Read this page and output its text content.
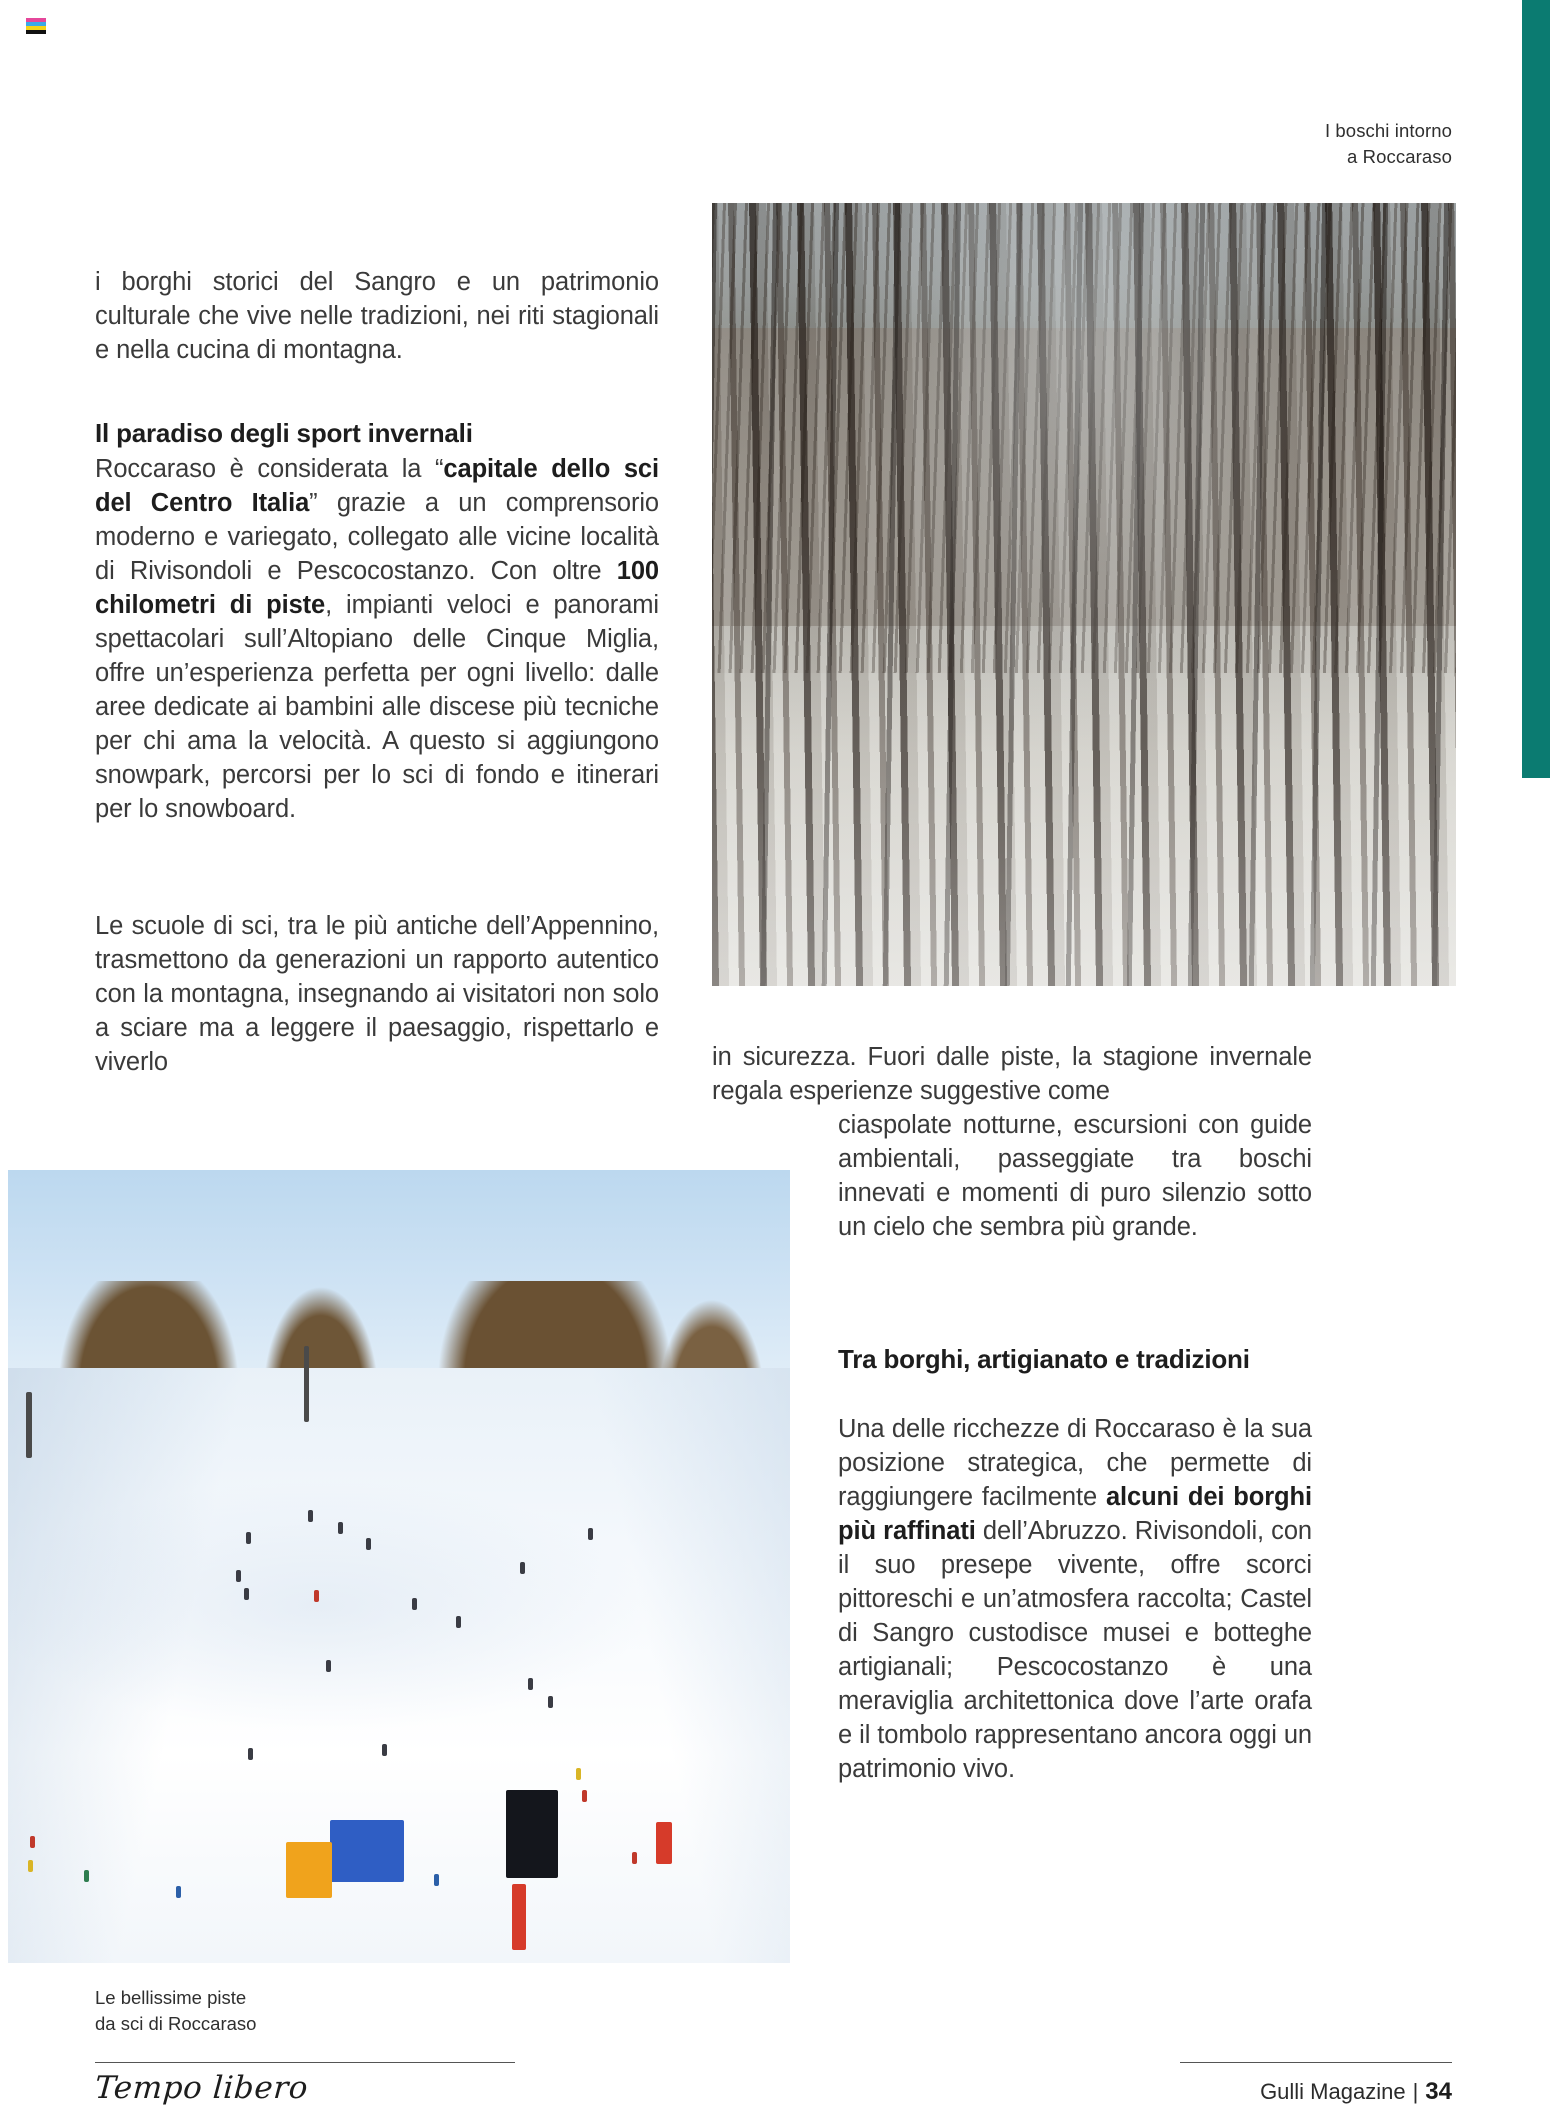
I boschi intorno
a Roccaraso
i borghi storici del Sangro e un patrimonio culturale che vive nelle tradizioni, nei riti stagionali e nella cucina di montagna.
Il paradiso degli sport invernali
Roccaraso è considerata la “capitale dello sci del Centro Italia” grazie a un comprensorio moderno e variegato, collegato alle vicine località di Rivisondoli e Pescocostanzo. Con oltre 100 chilometri di piste, impianti veloci e panorami spettacolari sull’Altopiano delle Cinque Miglia, offre un’esperienza perfetta per ogni livello: dalle aree dedicate ai bambini alle discese più tecniche per chi ama la velocità. A questo si aggiungono snowpark, percorsi per lo sci di fondo e itinerari per lo snowboard.
Le scuole di sci, tra le più antiche dell’Appennino, trasmettono da generazioni un rapporto autentico con la montagna, insegnando ai visitatori non solo a sciare ma a leggere il paesaggio, rispettarlo e viverlo	in sicurezza. Fuori dalle piste, la stagione invernale regala esperienze suggestive come
ciaspolate notturne, escursioni con guide ambientali, passeggiate tra boschi innevati e momenti di puro silenzio sotto un cielo che sembra più grande.
Tra borghi, artigianato e tradizioni
Una delle ricchezze di Roccaraso è la sua posizione strategica, che permette di raggiungere facilmente alcuni dei borghi più raffinati dell’Abruzzo. Rivisondoli, con il suo presepe vivente, offre scorci pittoreschi e un’atmosfera raccolta; Castel di Sangro custodisce musei e botteghe artigianali; Pescocostanzo è una meraviglia architettonica dove l’arte orafa e il tombolo rappresentano ancora oggi un patrimonio vivo.
Le bellissime piste
da sci di Roccaraso
Tempo libero	Gulli Magazine | 34
